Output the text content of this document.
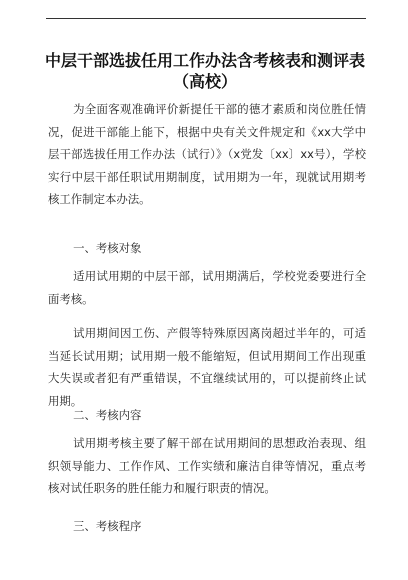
中层干部选拔任用工作办法含考核表和测评表
（高校）

为全面客观准确评价新提任干部的德才素质和岗位胜任情况，促进干部能上能下，根据中央有关文件规定和《xx大学中层干部选拔任用工作办法（试行）》（x党发〔xx〕xx号），学校实行中层干部任职试用期制度，试用期为一年，现就试用期考核工作制定本办法。

一、考核对象

适用试用期的中层干部，试用期满后，学校党委要进行全面考核。

试用期间因工伤、产假等特殊原因离岗超过半年的，可适当延长试用期；试用期一般不能缩短，但试用期间工作出现重大失误或者犯有严重错误，不宜继续试用的，可以提前终止试用期。

二、考核内容

试用期考核主要了解干部在试用期间的思想政治表现、组织领导能力、工作作风、工作实绩和廉洁自律等情况，重点考核对试任职务的胜任能力和履行职责的情况。

三、考核程序
